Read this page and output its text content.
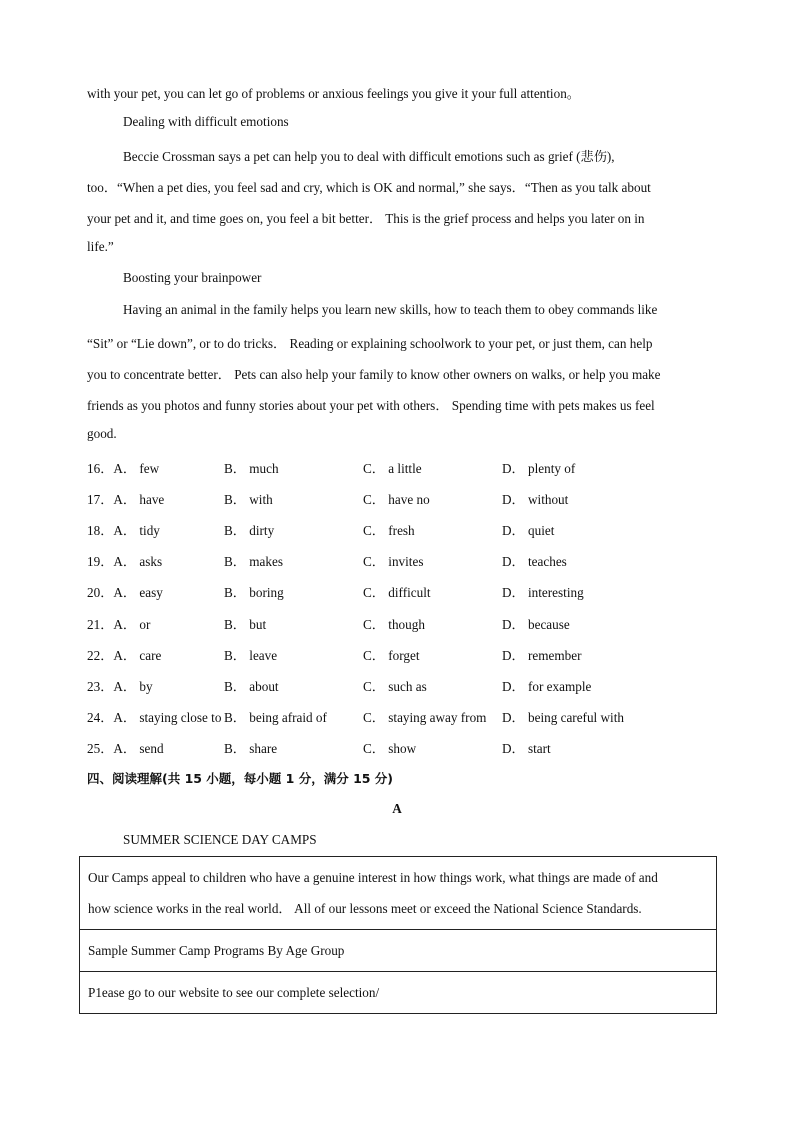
with your pet, you can let go of problems or anxious feelings you give it your full attention。
Dealing with difficult emotions
Beccie Crossman says a pet can help you to deal with difficult emotions such as grief (悲伤),
too．“When a pet dies, you feel sad and cry, which is OK and normal,” she says．“Then as you talk about
your pet and it, and time goes on, you feel a bit better． This is the grief process and helps you later on in
life.”
Boosting your brainpower
Having an animal in the family helps you learn new skills, how to teach them to obey commands like
“Sit” or “Lie down”, or to do tricks． Reading or explaining schoolwork to your pet, or just them, can help
you to concentrate better． Pets can also help your family to know other owners on walks, or help you make
friends as you photos and funny stories about your pet with others． Spending time with pets makes us feel
good.
16．A． few	B． much	C． a little	D． plenty of
17．A． have	B． with	C． have no	D． without
18．A． tidy	B． dirty	C． fresh	D． quiet
19．A． asks	B． makes	C． invites	D． teaches
20．A． easy	B． boring	C． difficult	D． interesting
21．A． or	B． but	C． though	D． because
22．A． care	B． leave	C． forget	D． remember
23．A． by	B． about	C． such as	D． for example
24．A． staying close to B． being afraid of	C． staying away from D． being careful with
25．A． send	B． share	C． show	D． start
四、阅读理解(共 15 小题，每小题 1 分，满分 15 分)
A
SUMMER SCIENCE DAY CAMPS
Our Camps appeal to children who have a genuine interest in how things work, what things are made of and
how science works in the real world． All of our lessons meet or exceed the National Science Standards.
Sample Summer Camp Programs By Age Group
P1ease go to our website to see our complete selection/
